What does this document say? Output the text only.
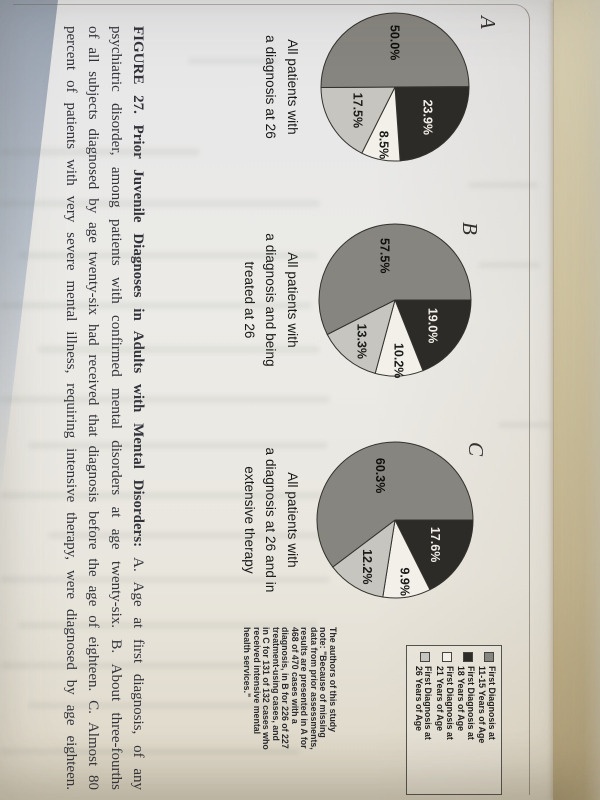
A
B
C
23.9%
8.5%
17.5%
50.0%
19.0%
10.2%
13.3%
57.5%
17.6%
9.9%
12.2%
60.3%
All patients with
a diagnosis at 26
All patients with
a diagnosis and being
treated at 26
All patients with
a diagnosis at 26 and in
extensive therapy
First Diagnosis at
11-15 Years of Age
First Diagnosis at
18 Years of Age
First Diagnosis at
21 Years of Age
First Diagnosis at
26 Years of Age
The authors of this study
note: "Because of missing
data from prior assessments,
results are presented in A for
468 of 470 cases with a
diagnosis, in B for 226 of 227
treatment-using cases, and
in C for 131 of 132 cases who
received intensive mental
health services."
FIGURE 27. Prior Juvenile Diagnoses in Adults with Mental Disorders: A. Age at first diagnosis, of any
psychiatric disorder, among patients with confirmed mental disorders at age twenty-six. B. About three-fourths
of all subjects diagnosed by age twenty-six had received that diagnosis before the age of eighteen. C. Almost 80
percent of patients with very severe mental illness, requiring intensive therapy, were diagnosed by age eighteen.
